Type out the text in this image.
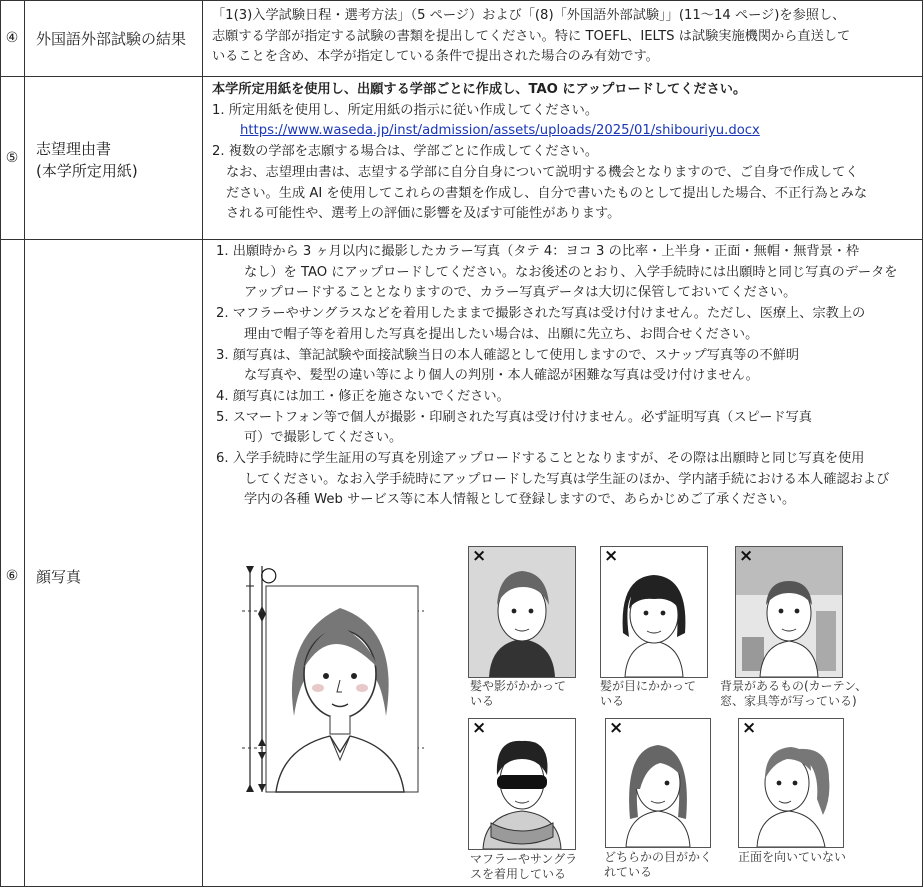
④	外国語外部試験の結果

「1(3)入学試験日程・選考方法」（5 ページ）および「(8)「外国語外部試験」」(11～14 ページ)を参照し、

志願する学部が指定する試験の書類を提出してください。特に TOEFL、IELTS は試験実施機関から直送して

いることを含め、本学が指定している条件で提出された場合のみ有効です。

⑤	志望理由書
(本学所定用紙)

本学所定用紙を使用し、出願する学部ごとに作成し、TAO にアップロードしてください。

1. 所定用紙を使用し、所定用紙の指示に従い作成してください。

https://www.waseda.jp/inst/admission/assets/uploads/2025/01/shibouriyu.docx

2. 複数の学部を志願する場合は、学部ごとに作成してください。

なお、志望理由書は、志望する学部に自分自身について説明する機会となりますので、ご自身で作成してく

ださい。生成 AI を使用してこれらの書類を作成し、自分で書いたものとして提出した場合、不正行為とみな

される可能性や、選考上の評価に影響を及ぼす可能性があります。

⑥	顔写真

1. 出願時から 3 ヶ月以内に撮影したカラー写真（タテ 4：ヨコ 3 の比率・上半身・正面・無帽・無背景・枠

なし）を TAO にアップロードしてください。なお後述のとおり、入学手続時には出願時と同じ写真のデータを

アップロードすることとなりますので、カラー写真データは大切に保管しておいてください。

2. マフラーやサングラスなどを着用したままで撮影された写真は受け付けません。ただし、医療上、宗教上の

理由で帽子等を着用した写真を提出したい場合は、出願に先立ち、お問合せください。

3. 顔写真は、筆記試験や面接試験当日の本人確認として使用しますので、スナップ写真等の不鮮明

な写真や、髪型の違い等により個人の判別・本人確認が困難な写真は受け付けません。

4. 顔写真には加工・修正を施さないでください。

5. スマートフォン等で個人が撮影・印刷された写真は受け付けません。必ず証明写真（スピード写真

可）で撮影してください。

6. 入学手続時に学生証用の写真を別途アップロードすることとなりますが、その際は出願時と同じ写真を使用

してください。なお入学手続時にアップロードした写真は学生証のほか、学内諸手続における本人確認および

学内の各種 Web サービス等に本人情報として登録しますので、あらかじめご了承ください。

○
×
髪や影がかかって
いる
×
髪が目にかかって
いる
×
背景があるもの(カーテン、
窓、家具等が写っている)
×
マフラーやサングラ
スを着用している
×
どちらかの目がかく
れている
×
正面を向いていない
